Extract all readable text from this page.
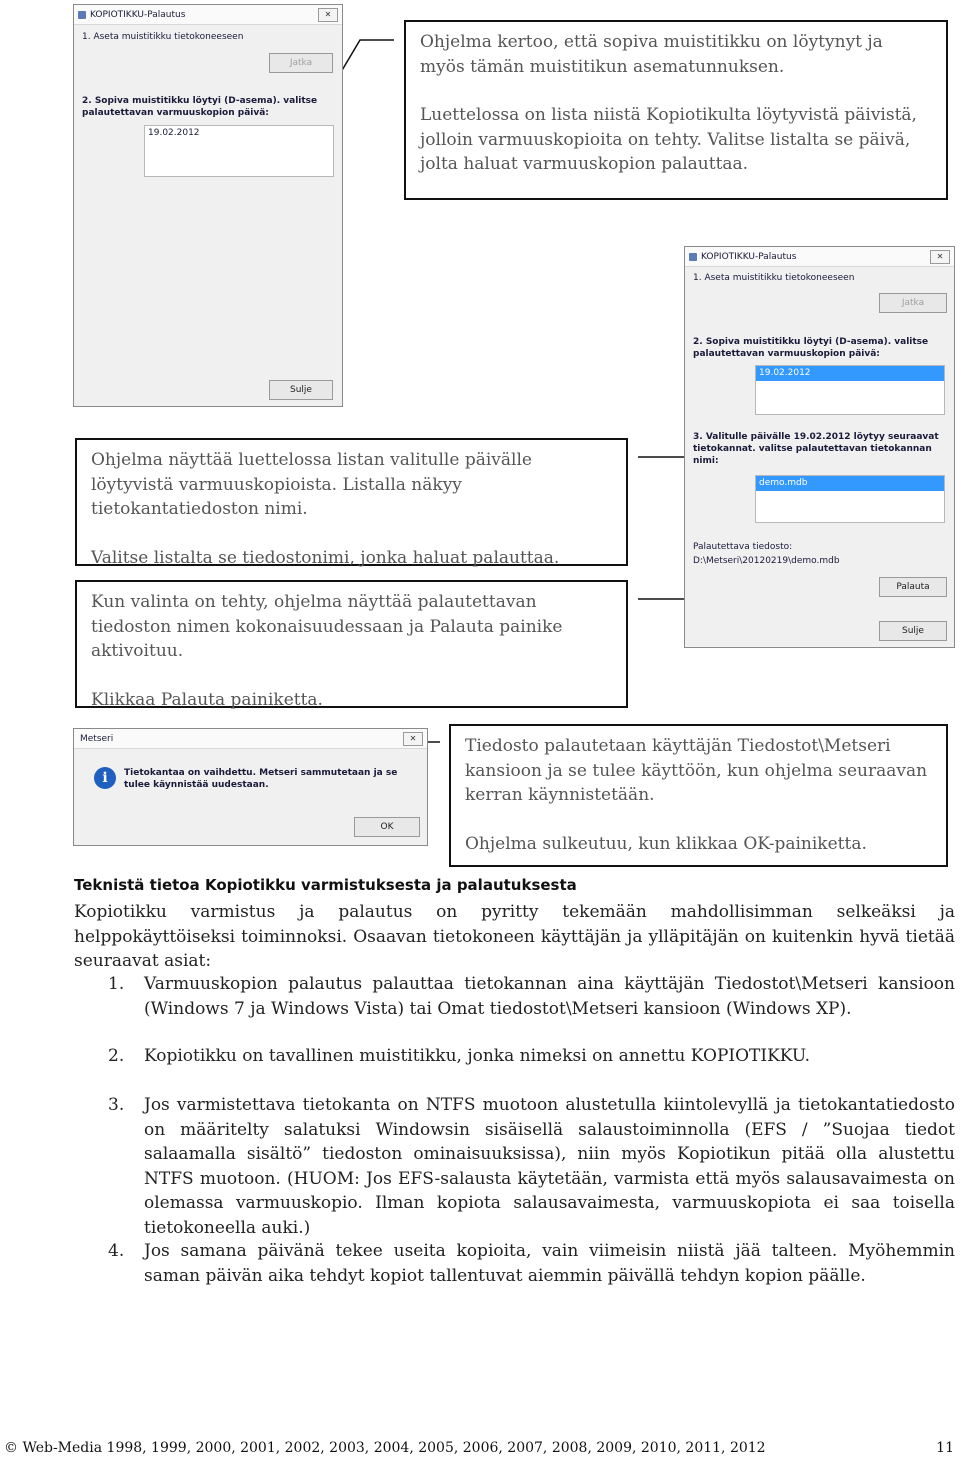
KOPIOTIKKU-Palautus	✕
1. Aseta muistitikku tietokoneeseen
Jatka
2. Sopiva muistitikku löytyi (D-asema). valitse palautettavan varmuuskopion päivä:
19.02.2012
Sulje

Ohjelma kertoo, että sopiva muistitikku on löytynyt ja myös tämän muistitikun asematunnuksen.

Luettelossa on lista niistä Kopiotikulta löytyvistä päivistä, jolloin varmuuskopioita on tehty. Valitse listalta se päivä, jolta haluat varmuuskopion palauttaa.

KOPIOTIKKU-Palautus	✕
1. Aseta muistitikku tietokoneeseen
Jatka
2. Sopiva muistitikku löytyi (D-asema). valitse palautettavan varmuuskopion päivä:
19.02.2012
3. Valitulle päivälle 19.02.2012 löytyy seuraavat tietokannat. valitse palautettavan tietokannan nimi:
demo.mdb
Palautettava tiedosto:
D:\Metseri\20120219\demo.mdb
Palauta
Sulje

Ohjelma näyttää luettelossa listan valitulle päivälle löytyvistä varmuuskopioista. Listalla näkyy tietokantatiedoston nimi.

Valitse listalta se tiedostonimi, jonka haluat palauttaa.

Kun valinta on tehty, ohjelma näyttää palautettavan tiedoston nimen kokonaisuudessaan ja Palauta painike aktivoituu.

Klikkaa Palauta painiketta.

Metseri	✕
i	Tietokantaa on vaihdettu. Metseri sammutetaan ja se tulee käynnistää uudestaan.
OK

Tiedosto palautetaan käyttäjän Tiedostot\Metseri kansioon ja se tulee käyttöön, kun ohjelma seuraavan kerran käynnistetään.

Ohjelma sulkeutuu, kun klikkaa OK-painiketta.

Teknistä tietoa Kopiotikku varmistuksesta ja palautuksesta
Kopiotikku varmistus ja palautus on pyritty tekemään mahdollisimman selkeäksi ja helppokäyttöiseksi toiminnoksi. Osaavan tietokoneen käyttäjän ja ylläpitäjän on kuitenkin hyvä tietää seuraavat asiat:
1. Varmuuskopion palautus palauttaa tietokannan aina käyttäjän Tiedostot\Metseri kansioon (Windows 7 ja Windows Vista) tai Omat tiedostot\Metseri kansioon (Windows XP).
2. Kopiotikku on tavallinen muistitikku, jonka nimeksi on annettu KOPIOTIKKU.
3. Jos varmistettava tietokanta on NTFS muotoon alustetulla kiintolevyllä ja tietokantatiedosto on määritelty salatuksi Windowsin sisäisellä salaustoiminnolla (EFS / ”Suojaa tiedot salaamalla sisältö” tiedoston ominaisuuksissa), niin myös Kopiotikun pitää olla alustettu NTFS muotoon. (HUOM: Jos EFS-salausta käytetään, varmista että myös salausavaimesta on olemassa varmuuskopio. Ilman kopiota salausavaimesta, varmuuskopiota ei saa toisella tietokoneella auki.)
4. Jos samana päivänä tekee useita kopioita, vain viimeisin niistä jää talteen. Myöhemmin saman päivän aika tehdyt kopiot tallentuvat aiemmin päivällä tehdyn kopion päälle.
© Web-Media 1998, 1999, 2000, 2001, 2002, 2003, 2004, 2005, 2006, 2007, 2008, 2009, 2010, 2011, 2012	11
